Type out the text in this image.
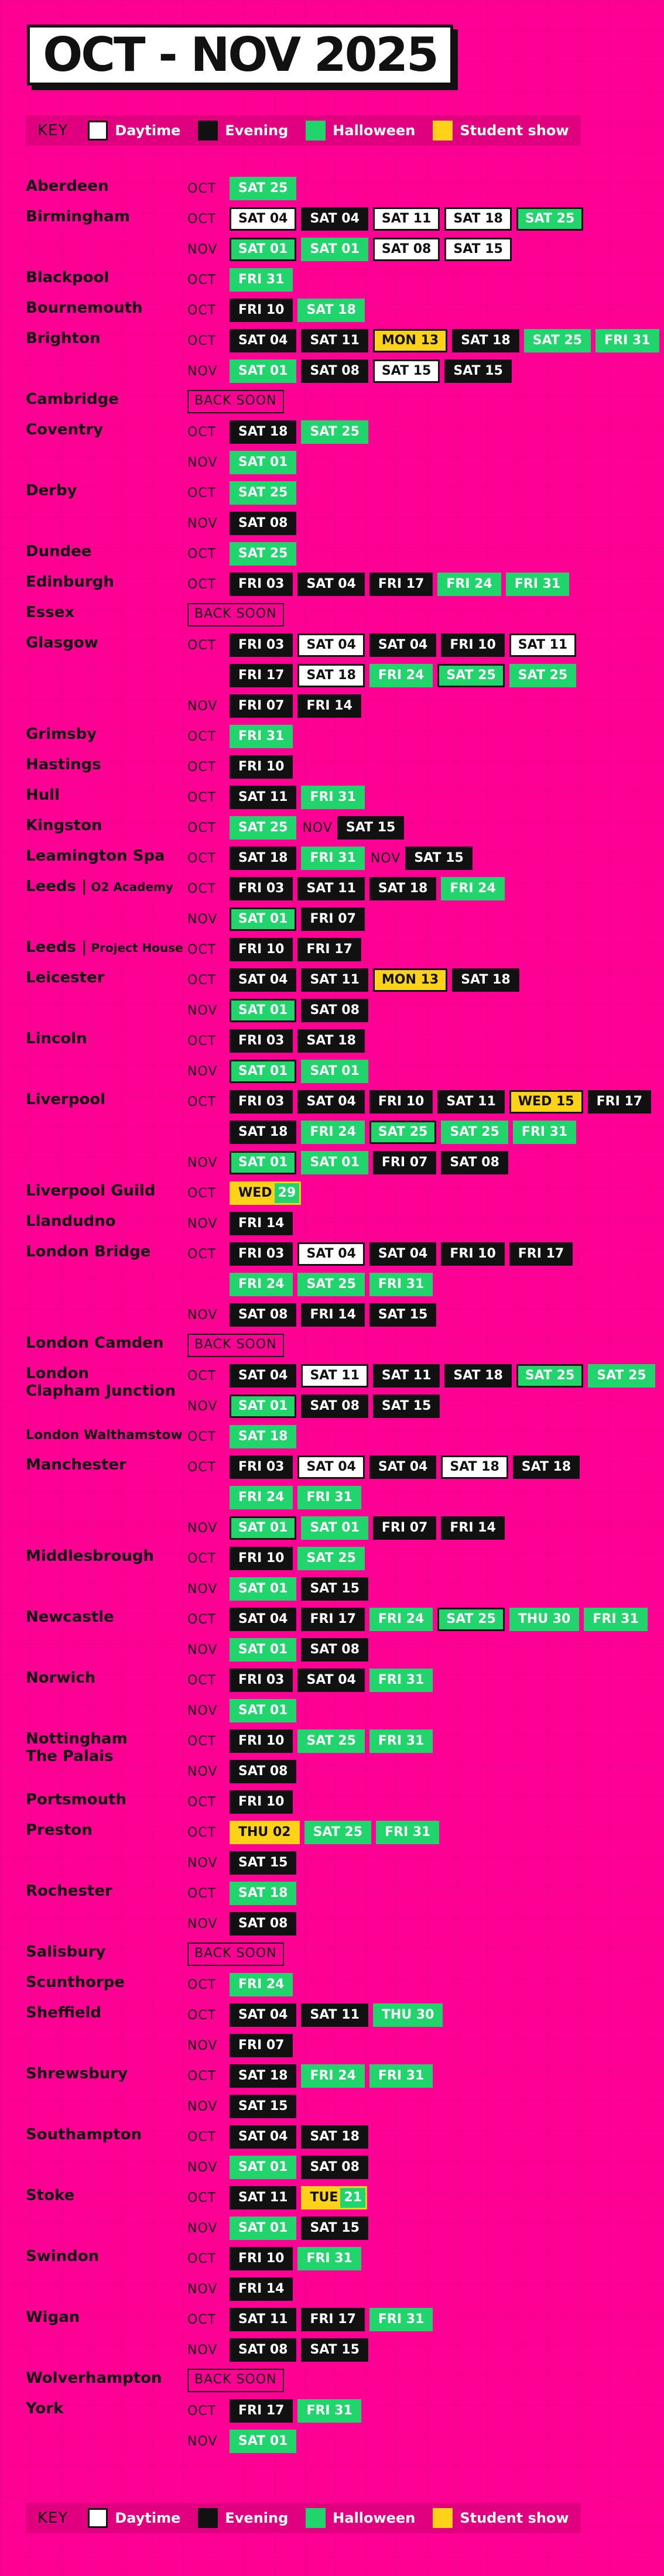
OCT - NOV 2025
KEY	Daytime	Evening	Halloween	Student show
Aberdeen	OCT	SAT 25
Birmingham	OCT	SAT 04	SAT 04	SAT 11	SAT 18	SAT 25
NOV	SAT 01	SAT 01	SAT 08	SAT 15
Blackpool	OCT	FRI 31
Bournemouth	OCT	FRI 10	SAT 18
Brighton	OCT	SAT 04	SAT 11	MON 13	SAT 18	SAT 25	FRI 31
NOV	SAT 01	SAT 08	SAT 15	SAT 15
Cambridge	BACK SOON
Coventry	OCT	SAT 18	SAT 25
NOV	SAT 01
Derby	OCT	SAT 25
NOV	SAT 08
Dundee	OCT	SAT 25
Edinburgh	OCT	FRI 03	SAT 04	FRI 17	FRI 24	FRI 31
Essex	BACK SOON
Glasgow	OCT	FRI 03	SAT 04	SAT 04	FRI 10	SAT 11
FRI 17	SAT 18	FRI 24	SAT 25	SAT 25
NOV	FRI 07	FRI 14
Grimsby	OCT	FRI 31
Hastings	OCT	FRI 10
Hull	OCT	SAT 11	FRI 31
Kingston	OCT	SAT 25	NOV	SAT 15
Leamington Spa OCT	SAT 18	FRI 31	NOV	SAT 15
Leeds | O2 Academy OCT	FRI 03	SAT 11	SAT 18	FRI 24
NOV	SAT 01	FRI 07
Leeds | Project House OCT	FRI 10	FRI 17
Leicester	OCT	SAT 04	SAT 11	MON 13	SAT 18
NOV	SAT 01	SAT 08
Lincoln	OCT	FRI 03	SAT 18
NOV	SAT 01	SAT 01
Liverpool	OCT	FRI 03	SAT 04	FRI 10	SAT 11	WED 15	FRI 17
SAT 18	FRI 24	SAT 25	SAT 25	FRI 31
NOV	SAT 01	SAT 01	FRI 07	SAT 08
Liverpool Guild OCT	WED 29
Llandudno	NOV	FRI 14
London Bridge	OCT	FRI 03	SAT 04	SAT 04	FRI 10	FRI 17
FRI 24	SAT 25	FRI 31
NOV	SAT 08	FRI 14	SAT 15
London Camden	BACK SOON
London
Clapham Junction
OCT	SAT 04	SAT 11	SAT 11	SAT 18	SAT 25	SAT 25
NOV	SAT 01	SAT 08	SAT 15
London Walthamstow OCT	SAT 18
Manchester	OCT	FRI 03	SAT 04	SAT 04	SAT 18	SAT 18
FRI 24	FRI 31
NOV	SAT 01	SAT 01	FRI 07	FRI 14
Middlesbrough	OCT	FRI 10	SAT 25
NOV	SAT 01	SAT 15
Newcastle	OCT	SAT 04	FRI 17	FRI 24	SAT 25	THU 30	FRI 31
NOV	SAT 01	SAT 08
Norwich	OCT	FRI 03	SAT 04	FRI 31
NOV	SAT 01
Nottingham
The Palais
OCT	FRI 10	SAT 25	FRI 31
NOV	SAT 08
Portsmouth	OCT	FRI 10
Preston	OCT	THU 02	SAT 25	FRI 31
NOV	SAT 15
Rochester	OCT	SAT 18
NOV	SAT 08
Salisbury	BACK SOON
Scunthorpe	OCT	FRI 24
Sheffield	OCT	SAT 04	SAT 11	THU 30
NOV	FRI 07
Shrewsbury	OCT	SAT 18	FRI 24	FRI 31
NOV	SAT 15
Southampton	OCT	SAT 04	SAT 18
NOV	SAT 01	SAT 08
Stoke	OCT	SAT 11	TUE 21
NOV	SAT 01	SAT 15
Swindon	OCT	FRI 10	FRI 31
NOV	FRI 14
Wigan	OCT	SAT 11	FRI 17	FRI 31
NOV	SAT 08	SAT 15
Wolverhampton	BACK SOON
York	OCT	FRI 17	FRI 31
NOV	SAT 01
KEY	Daytime	Evening	Halloween	Student show
